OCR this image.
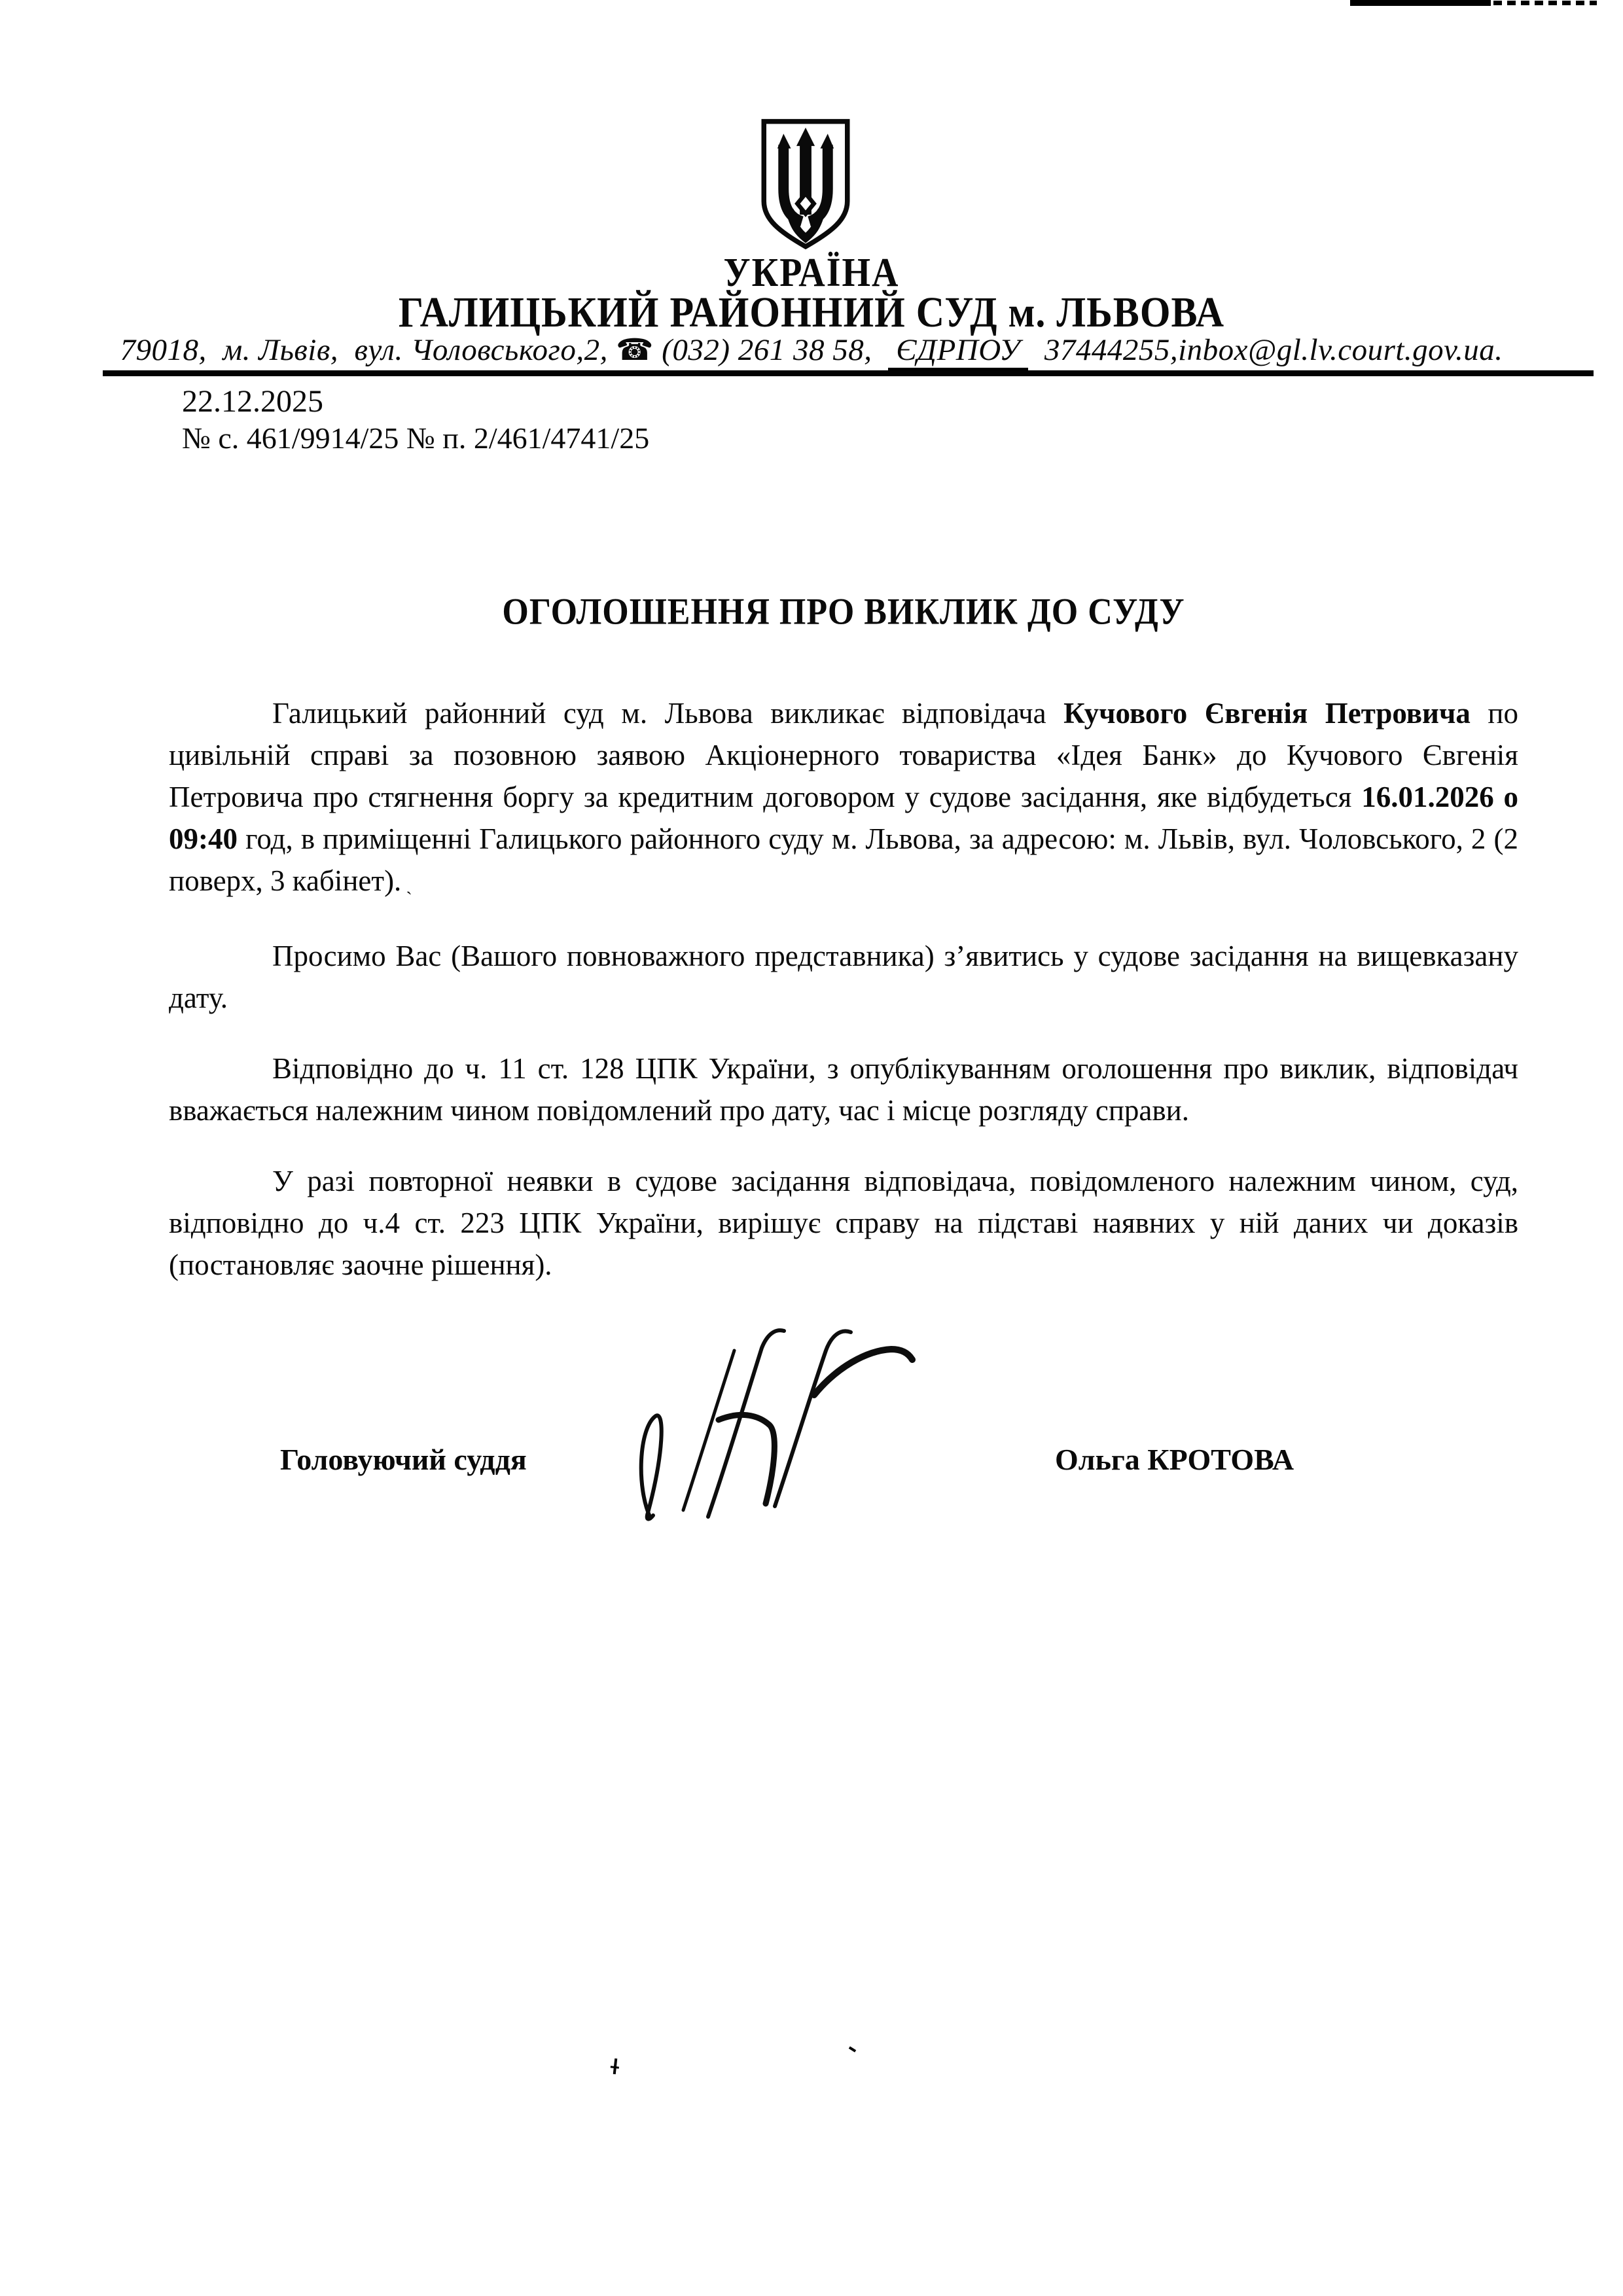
УКРАЇНА
ГАЛИЦЬКИЙ РАЙОННИЙ СУД м. ЛЬВОВА
79018,  м. Львів,  вул. Чоловського,2, ☎ (032) 261 38 58,   ЄДРПОУ   37444255,inbox@gl.lv.court.gov.ua.
22.12.2025
№ с. 461/9914/25 № п. 2/461/4741/25
ОГОЛОШЕННЯ ПРО ВИКЛИК ДО СУДУ

Галицький районний суд м. Львова викликає відповідача Кучового Євгенія Петровича по цивільній справі за позовною заявою Акціонерного товариства «Ідея Банк» до Кучового Євгенія Петровича про стягнення боргу за кредитним договором у судове засідання, яке відбудеться 16.01.2026 о 09:40 год, в приміщенні Галицького районного суду м. Львова, за адресою: м. Львів, вул. Чоловського, 2 (2 поверх, 3 кабінет). ˏ

Просимо Вас (Вашого повноважного представника) з’явитись у судове засідання на вищевказану дату.

Відповідно до ч. 11 ст. 128 ЦПК України, з опублікуванням оголошення про виклик, відповідач вважається належним чином повідомлений про дату, час і місце розгляду справи.

У разі повторної неявки в судове засідання відповідача, повідомленого належним чином, суд, відповідно до ч.4 ст. 223 ЦПК України, вирішує справу на підставі наявних у ній даних чи доказів (постановляє заочне рішення).

Головуючий суддя	Ольга КРОТОВА
